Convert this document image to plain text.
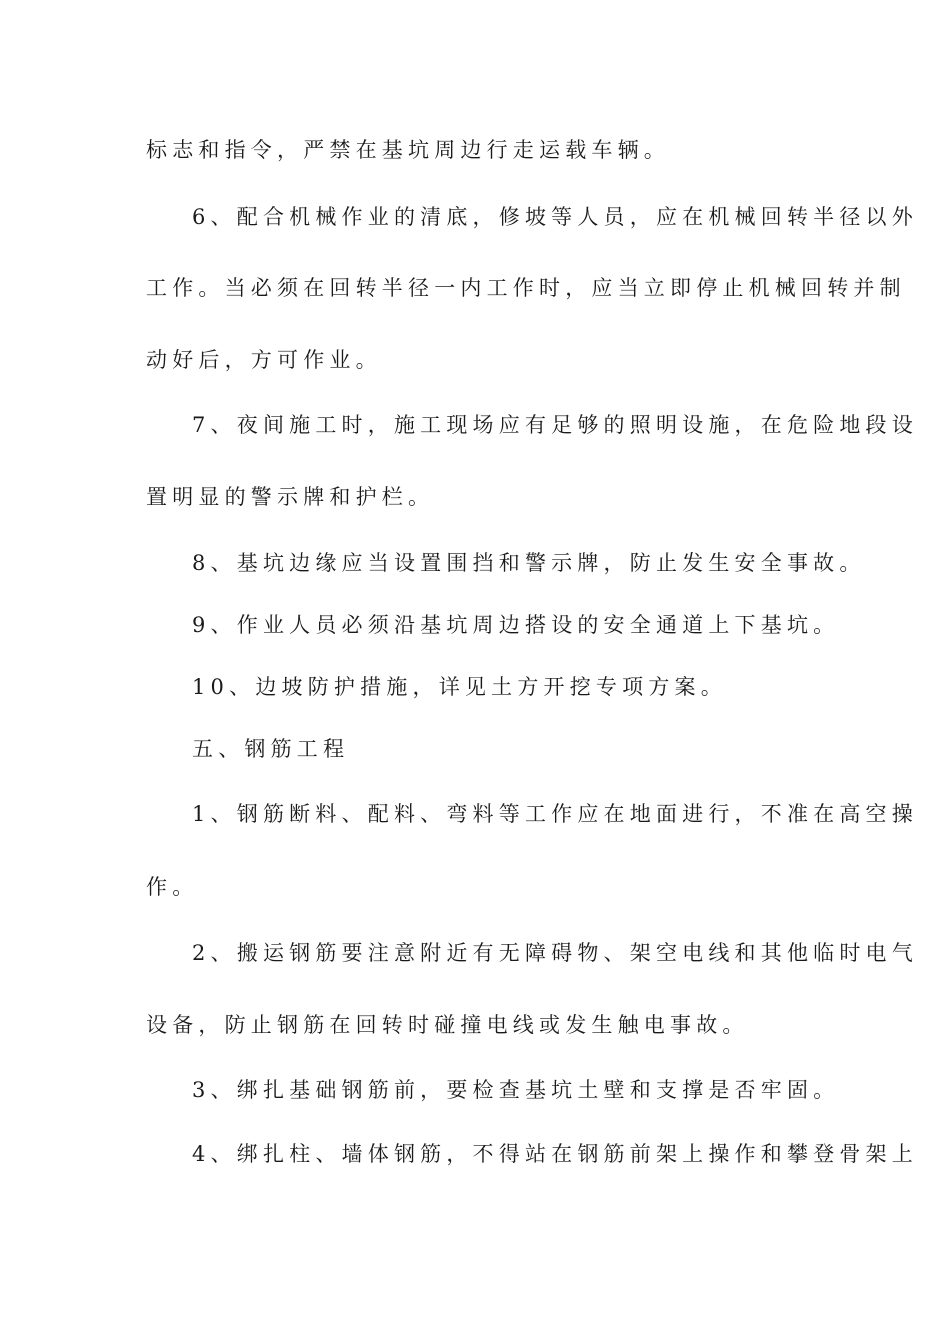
标志和指令，严禁在基坑周边行走运载车辆。
6、配合机械作业的清底，修坡等人员，应在机械回转半径以外
工作。当必须在回转半径一内工作时，应当立即停止机械回转并制
动好后，方可作业。
7、夜间施工时，施工现场应有足够的照明设施，在危险地段设
置明显的警示牌和护栏。
8、基坑边缘应当设置围挡和警示牌，防止发生安全事故。
9、作业人员必须沿基坑周边搭设的安全通道上下基坑。
10、边坡防护措施，详见土方开挖专项方案。
五、钢筋工程
1、钢筋断料、配料、弯料等工作应在地面进行，不准在高空操
作。
2、搬运钢筋要注意附近有无障碍物、架空电线和其他临时电气
设备，防止钢筋在回转时碰撞电线或发生触电事故。
3、绑扎基础钢筋前，要检查基坑土壁和支撑是否牢固。
4、绑扎柱、墙体钢筋，不得站在钢筋前架上操作和攀登骨架上
